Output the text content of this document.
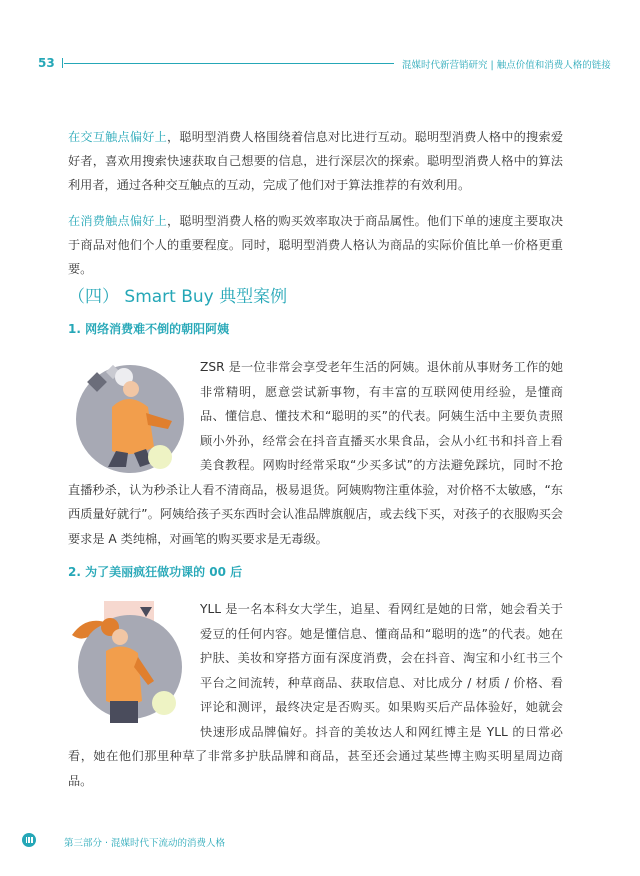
53	混媒时代新营销研究 | 触点价值和消费人格的链接

在交互触点偏好上，聪明型消费人格围绕着信息对比进行互动。聪明型消费人格中的搜索爱好者，喜欢用搜索快速获取自己想要的信息，进行深层次的探索。聪明型消费人格中的算法利用者，通过各种交互触点的互动，完成了他们对于算法推荐的有效利用。

在消费触点偏好上，聪明型消费人格的购买效率取决于商品属性。他们下单的速度主要取决于商品对他们个人的重要程度。同时，聪明型消费人格认为商品的实际价值比单一价格更重要。

（四） Smart Buy 典型案例
1. 网络消费难不倒的朝阳阿姨

ZSR 是一位非常会享受老年生活的阿姨。退休前从事财务工作的她非常精明，愿意尝试新事物，有丰富的互联网使用经验，是懂商品、懂信息、懂技术和“聪明的买”的代表。阿姨生活中主要负责照顾小外孙，经常会在抖音直播买水果食品，会从小红书和抖音上看美食教程。网购时经常采取“少买多试”的方法避免踩坑，同时不抢直播秒杀，认为秒杀让人看不清商品，极易退货。阿姨购物注重体验，对价格不太敏感，“东西质量好就行”。阿姨给孩子买东西时会认准品牌旗舰店，或去线下买，对孩子的衣服购买会要求是 A 类纯棉，对画笔的购买要求是无毒级。

2. 为了美丽疯狂做功课的 00 后

YLL 是一名本科女大学生，追星、看网红是她的日常，她会看关于爱豆的任何内容。她是懂信息、懂商品和“聪明的选”的代表。她在护肤、美妆和穿搭方面有深度消费，会在抖音、淘宝和小红书三个平台之间流转，种草商品、获取信息、对比成分 / 材质 / 价格、看评论和测评，最终决定是否购买。如果购买后产品体验好，她就会快速形成品牌偏好。抖音的美妆达人和网红博主是 YLL 的日常必看，她在他们那里种草了非常多护肤品牌和商品，甚至还会通过某些博主购买明星周边商品。

第三部分 · 混媒时代下流动的消费人格
